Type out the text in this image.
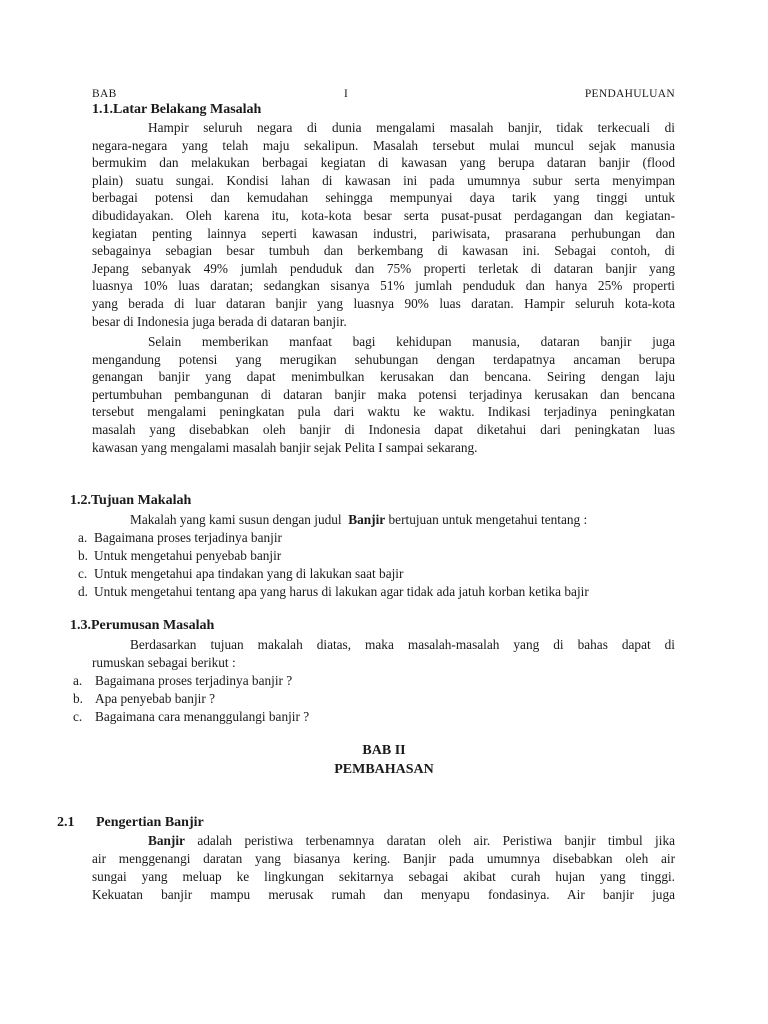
BAB	I	PENDAHULUAN
1.1.Latar Belakang Masalah
Hampir seluruh negara di dunia mengalami masalah banjir, tidak terkecuali di
negara-negara yang telah maju sekalipun. Masalah tersebut mulai muncul sejak manusia
bermukim dan melakukan berbagai kegiatan di kawasan yang berupa dataran banjir (flood
plain) suatu sungai. Kondisi lahan di kawasan ini pada umumnya subur serta menyimpan
berbagai potensi dan kemudahan sehingga mempunyai daya tarik yang tinggi untuk
dibudidayakan. Oleh karena itu, kota-kota besar serta pusat-pusat perdagangan dan kegiatan-
kegiatan penting lainnya seperti kawasan industri, pariwisata, prasarana perhubungan dan
sebagainya sebagian besar tumbuh dan berkembang di kawasan ini. Sebagai contoh, di
Jepang sebanyak 49% jumlah penduduk dan 75% properti terletak di dataran banjir yang
luasnya 10% luas daratan; sedangkan sisanya 51% jumlah penduduk dan hanya 25% properti
yang berada di luar dataran banjir yang luasnya 90% luas daratan. Hampir seluruh kota-kota
besar di Indonesia juga berada di dataran banjir.
Selain memberikan manfaat bagi kehidupan manusia, dataran banjir juga
mengandung potensi yang merugikan sehubungan dengan terdapatnya ancaman berupa
genangan banjir yang dapat menimbulkan kerusakan dan bencana. Seiring dengan laju
pertumbuhan pembangunan di dataran banjir maka potensi terjadinya kerusakan dan bencana
tersebut mengalami peningkatan pula dari waktu ke waktu. Indikasi terjadinya peningkatan
masalah yang disebabkan oleh banjir di Indonesia dapat diketahui dari peningkatan luas
kawasan yang mengalami masalah banjir sejak Pelita I sampai sekarang.
1.2.Tujuan Makalah
Makalah yang kami susun dengan judul Banjir bertujuan untuk mengetahui tentang :
a. Bagaimana proses terjadinya banjir
b. Untuk mengetahui penyebab banjir
c. Untuk mengetahui apa tindakan yang di lakukan saat bajir
d. Untuk mengetahui tentang apa yang harus di lakukan agar tidak ada jatuh korban ketika bajir
1.3.Perumusan Masalah
Berdasarkan tujuan makalah diatas, maka masalah-masalah yang di bahas dapat di
rumuskan sebagai berikut :
a. Bagaimana proses terjadinya banjir ?
b. Apa penyebab banjir ?
c. Bagaimana cara menanggulangi banjir ?
BAB II
PEMBAHASAN
2.1 Pengertian Banjir
Banjir adalah peristiwa terbenamnya daratan oleh air. Peristiwa banjir timbul jika
air menggenangi daratan yang biasanya kering. Banjir pada umumnya disebabkan oleh air
sungai yang meluap ke lingkungan sekitarnya sebagai akibat curah hujan yang tinggi.
Kekuatan banjir mampu merusak rumah dan menyapu fondasinya. Air banjir juga
